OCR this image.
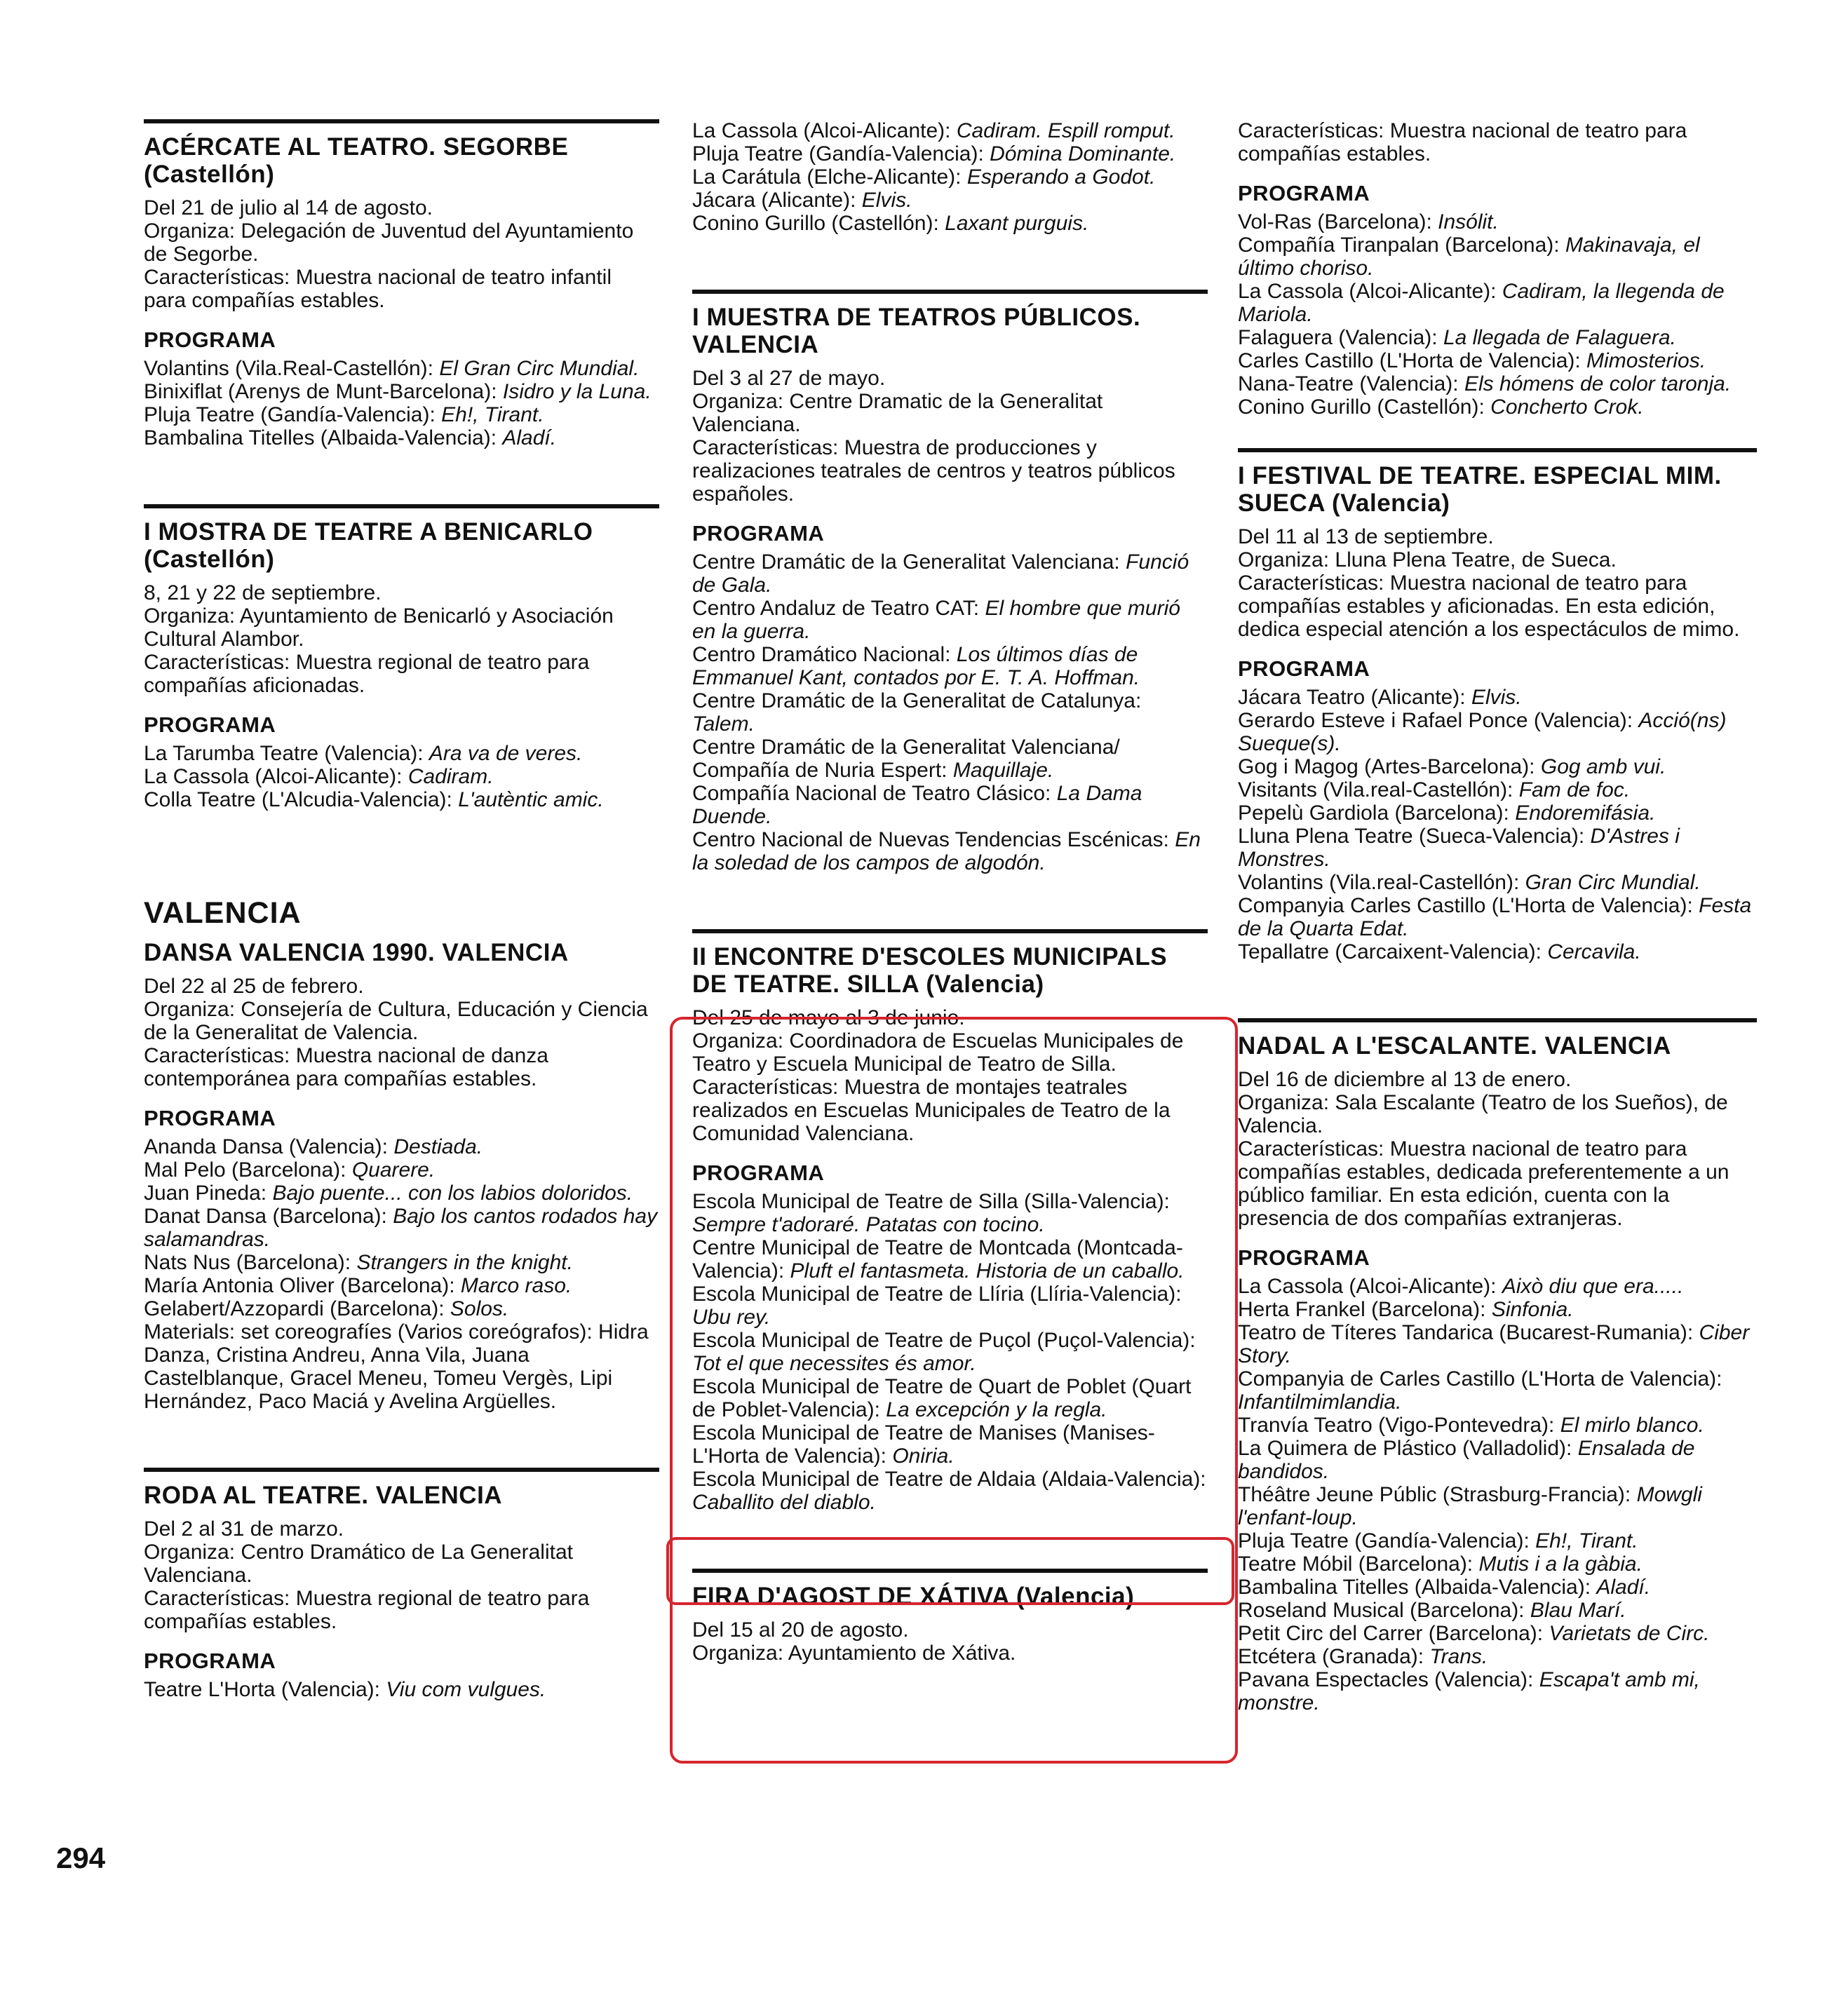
ACÉRCATE AL TEATRO. SEGORBE (Castellón)

Del 21 de julio al 14 de agosto.

Organiza: Delegación de Juventud del Ayuntamiento de Segorbe.

Características: Muestra nacional de teatro infantil para compañías estables.

PROGRAMA

Volantins (Vila.Real-Castellón): El Gran Circ Mundial.

Binixiflat (Arenys de Munt-Barcelona): Isidro y la Luna.

Pluja Teatre (Gandía-Valencia): Eh!, Tirant.

Bambalina Titelles (Albaida-Valencia): Aladí.

I MOSTRA DE TEATRE A BENICARLO (Castellón)

8, 21 y 22 de septiembre.

Organiza: Ayuntamiento de Benicarló y Asociación Cultural Alambor.

Características: Muestra regional de teatro para compañías aficionadas.

PROGRAMA

La Tarumba Teatre (Valencia): Ara va de veres.

La Cassola (Alcoi-Alicante): Cadiram.

Colla Teatre (L'Alcudia-Valencia): L'autèntic amic.

VALENCIA
DANSA VALENCIA 1990. VALENCIA

Del 22 al 25 de febrero.

Organiza: Consejería de Cultura, Educación y Ciencia de la Generalitat de Valencia.

Características: Muestra nacional de danza contemporánea para compañías estables.

PROGRAMA

Ananda Dansa (Valencia): Destiada.

Mal Pelo (Barcelona): Quarere.

Juan Pineda: Bajo puente... con los labios doloridos.

Danat Dansa (Barcelona): Bajo los cantos rodados hay salamandras.

Nats Nus (Barcelona): Strangers in the knight.

María Antonia Oliver (Barcelona): Marco raso.

Gelabert/Azzopardi (Barcelona): Solos.

Materials: set coreografíes (Varios coreógrafos): Hidra Danza, Cristina Andreu, Anna Vila, Juana Castelblanque, Gracel Meneu, Tomeu Vergès, Lipi Hernández, Paco Maciá y Avelina Argüelles.

RODA AL TEATRE. VALENCIA

Del 2 al 31 de marzo.

Organiza: Centro Dramático de La Generalitat Valenciana.

Características: Muestra regional de teatro para compañías estables.

PROGRAMA

Teatre L'Horta (Valencia): Viu com vulgues.

La Cassola (Alcoi-Alicante): Cadiram. Espill romput.

Pluja Teatre (Gandía-Valencia): Dómina Dominante.

La Carátula (Elche-Alicante): Esperando a Godot.

Jácara (Alicante): Elvis.

Conino Gurillo (Castellón): Laxant purguis.

I MUESTRA DE TEATROS PÚBLICOS. VALENCIA

Del 3 al 27 de mayo.

Organiza: Centre Dramatic de la Generalitat Valenciana.

Características: Muestra de producciones y realizaciones teatrales de centros y teatros públicos españoles.

PROGRAMA

Centre Dramátic de la Generalitat Valenciana: Funció de Gala.

Centro Andaluz de Teatro CAT: El hombre que murió en la guerra.

Centro Dramático Nacional: Los últimos días de Emmanuel Kant, contados por E. T. A. Hoffman.

Centre Dramátic de la Generalitat de Catalunya: Talem.

Centre Dramátic de la Generalitat Valenciana/ Compañía de Nuria Espert: Maquillaje.

Compañía Nacional de Teatro Clásico: La Dama Duende.

Centro Nacional de Nuevas Tendencias Escénicas: En la soledad de los campos de algodón.

II ENCONTRE D'ESCOLES MUNICIPALS DE TEATRE. SILLA (Valencia)

Del 25 de mayo al 3 de junio.

Organiza: Coordinadora de Escuelas Municipales de Teatro y Escuela Municipal de Teatro de Silla.

Características: Muestra de montajes teatrales realizados en Escuelas Municipales de Teatro de la Comunidad Valenciana.

PROGRAMA

Escola Municipal de Teatre de Silla (Silla-Valencia): Sempre t'adoraré. Patatas con tocino.

Centre Municipal de Teatre de Montcada (Montcada-Valencia): Pluft el fantasmeta. Historia de un caballo.

Escola Municipal de Teatre de Llíria (Llíria-Valencia): Ubu rey.

Escola Municipal de Teatre de Puçol (Puçol-Valencia): Tot el que necessites és amor.

Escola Municipal de Teatre de Quart de Poblet (Quart de Poblet-Valencia): La excepción y la regla.

Escola Municipal de Teatre de Manises (Manises-L'Horta de Valencia): Oniria.

Escola Municipal de Teatre de Aldaia (Aldaia-Valencia): Caballito del diablo.

FIRA D'AGOST DE XÁTIVA (Valencia)

Del 15 al 20 de agosto.

Organiza: Ayuntamiento de Xátiva.

Características: Muestra nacional de teatro para compañías estables.

PROGRAMA

Vol-Ras (Barcelona): Insólit.

Compañía Tiranpalan (Barcelona): Makinavaja, el último choriso.

La Cassola (Alcoi-Alicante): Cadiram, la llegenda de Mariola.

Falaguera (Valencia): La llegada de Falaguera.

Carles Castillo (L'Horta de Valencia): Mimosterios.

Nana-Teatre (Valencia): Els hómens de color taronja.

Conino Gurillo (Castellón): Concherto Crok.

I FESTIVAL DE TEATRE. ESPECIAL MIM. SUECA (Valencia)

Del 11 al 13 de septiembre.

Organiza: Lluna Plena Teatre, de Sueca.

Características: Muestra nacional de teatro para compañías estables y aficionadas. En esta edición, dedica especial atención a los espectáculos de mimo.

PROGRAMA

Jácara Teatro (Alicante): Elvis.

Gerardo Esteve i Rafael Ponce (Valencia): Acció(ns) Sueque(s).

Gog i Magog (Artes-Barcelona): Gog amb vui.

Visitants (Vila.real-Castellón): Fam de foc.

Pepelù Gardiola (Barcelona): Endoremifásia.

Lluna Plena Teatre (Sueca-Valencia): D'Astres i Monstres.

Volantins (Vila.real-Castellón): Gran Circ Mundial.

Companyia Carles Castillo (L'Horta de Valencia): Festa de la Quarta Edat.

Tepallatre (Carcaixent-Valencia): Cercavila.

NADAL A L'ESCALANTE. VALENCIA

Del 16 de diciembre al 13 de enero.

Organiza: Sala Escalante (Teatro de los Sueños), de Valencia.

Características: Muestra nacional de teatro para compañías estables, dedicada preferentemente a un público familiar. En esta edición, cuenta con la presencia de dos compañías extranjeras.

PROGRAMA

La Cassola (Alcoi-Alicante): Això diu que era.....

Herta Frankel (Barcelona): Sinfonia.

Teatro de Títeres Tandarica (Bucarest-Rumania): Ciber Story.

Companyia de Carles Castillo (L'Horta de Valencia): Infantilmimlandia.

Tranvía Teatro (Vigo-Pontevedra): El mirlo blanco.

La Quimera de Plástico (Valladolid): Ensalada de bandidos.

Théâtre Jeune Públic (Strasburg-Francia): Mowgli l'enfant-loup.

Pluja Teatre (Gandía-Valencia): Eh!, Tirant.

Teatre Móbil (Barcelona): Mutis i a la gàbia.

Bambalina Titelles (Albaida-Valencia): Aladí.

Roseland Musical (Barcelona): Blau Marí.

Petit Circ del Carrer (Barcelona): Varietats de Circ.

Etcétera (Granada): Trans.

Pavana Espectacles (Valencia): Escapa't amb mi, monstre.

294
